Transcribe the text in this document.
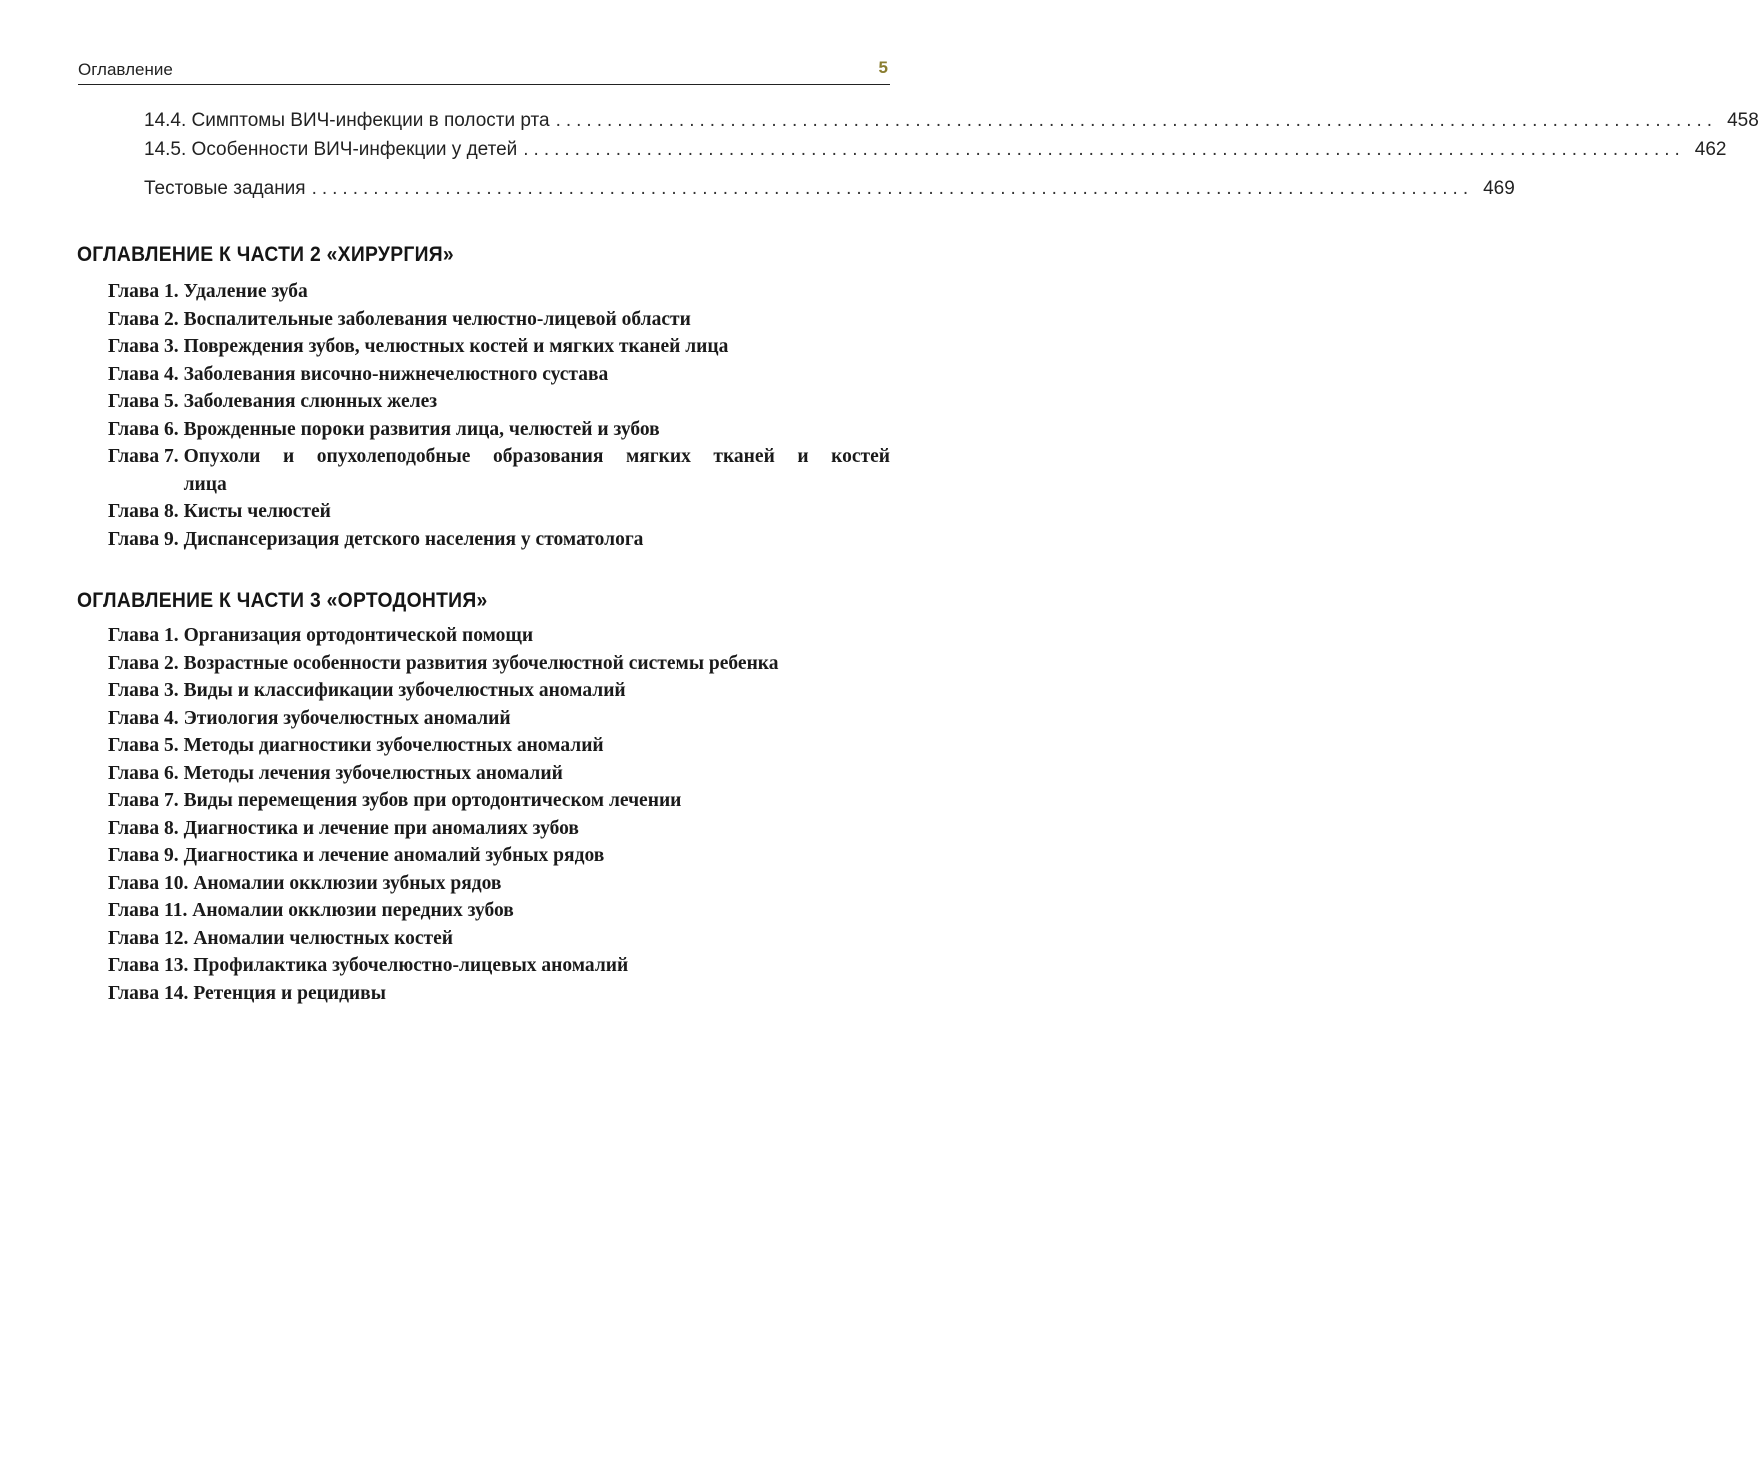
Оглавление	5
14.4. Симптомы ВИЧ-инфекции в полости рта ................................................................................................................. 458
14.5. Особенности ВИЧ-инфекции у детей ................................................................................................................. 462
Тестовые задания ................................................................................................................. 469
ОГЛАВЛЕНИЕ К ЧАСТИ 2 «ХИРУРГИЯ»
Глава 1. Удаление зуба
Глава 2. Воспалительные заболевания челюстно-лицевой области
Глава 3. Повреждения зубов, челюстных костей и мягких тканей лица
Глава 4. Заболевания височно-нижнечелюстного сустава
Глава 5. Заболевания слюнных желез
Глава 6. Врожденные пороки развития лица, челюстей и зубов
Глава 7. Опухоли и опухолеподобные образования мягких тканей и костей
лица
Глава 8. Кисты челюстей
Глава 9. Диспансеризация детского населения у стоматолога
ОГЛАВЛЕНИЕ К ЧАСТИ 3 «ОРТОДОНТИЯ»
Глава 1. Организация ортодонтической помощи
Глава 2. Возрастные особенности развития зубочелюстной системы ребенка
Глава 3. Виды и классификации зубочелюстных аномалий
Глава 4. Этиология зубочелюстных аномалий
Глава 5. Методы диагностики зубочелюстных аномалий
Глава 6. Методы лечения зубочелюстных аномалий
Глава 7. Виды перемещения зубов при ортодонтическом лечении
Глава 8. Диагностика и лечение при аномалиях зубов
Глава 9. Диагностика и лечение аномалий зубных рядов
Глава 10. Аномалии окклюзии зубных рядов
Глава 11. Аномалии окклюзии передних зубов
Глава 12. Аномалии челюстных костей
Глава 13. Профилактика зубочелюстно-лицевых аномалий
Глава 14. Ретенция и рецидивы
